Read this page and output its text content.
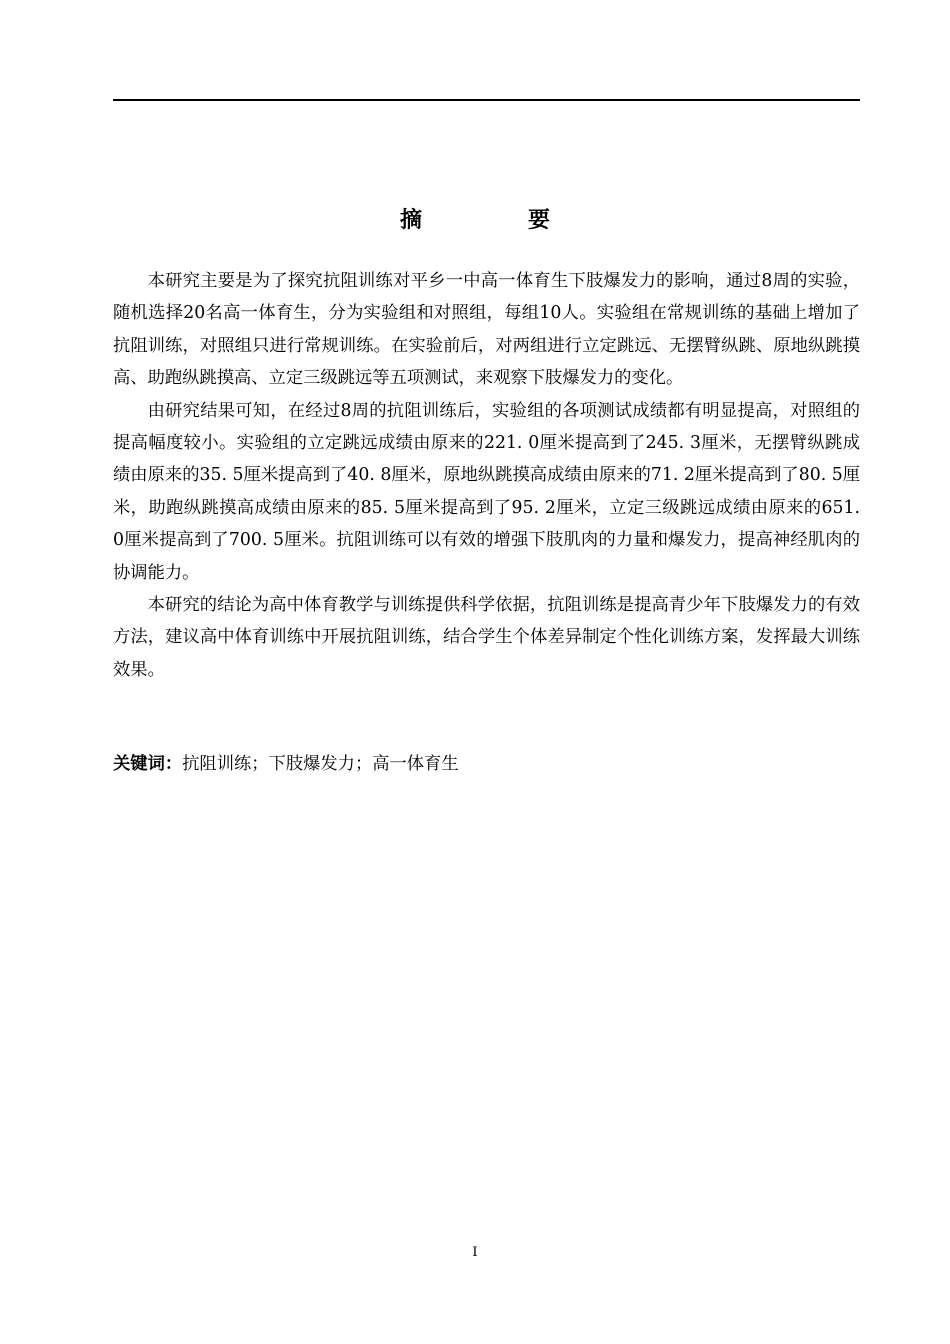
摘　要

本研究主要是为了探究抗阻训练对平乡一中高一体育生下肢爆发力的影响，通过8周的实验，随机选择20名高一体育生，分为实验组和对照组，每组10人。实验组在常规训练的基础上增加了抗阻训练，对照组只进行常规训练。在实验前后，对两组进行立定跳远、无摆臂纵跳、原地纵跳摸高、助跑纵跳摸高、立定三级跳远等五项测试，来观察下肢爆发力的变化。

由研究结果可知，在经过8周的抗阻训练后，实验组的各项测试成绩都有明显提高，对照组的提高幅度较小。实验组的立定跳远成绩由原来的221. 0厘米提高到了245. 3厘米，无摆臂纵跳成绩由原来的35. 5厘米提高到了40. 8厘米，原地纵跳摸高成绩由原来的71. 2厘米提高到了80. 5厘米，助跑纵跳摸高成绩由原来的85. 5厘米提高到了95. 2厘米，立定三级跳远成绩由原来的651. 0厘米提高到了700. 5厘米。抗阻训练可以有效的增强下肢肌肉的力量和爆发力，提高神经肌肉的协调能力。

本研究的结论为高中体育教学与训练提供科学依据，抗阻训练是提高青少年下肢爆发力的有效方法，建议高中体育训练中开展抗阻训练，结合学生个体差异制定个性化训练方案，发挥最大训练效果。

关键词：抗阻训练；下肢爆发力；高一体育生
I
